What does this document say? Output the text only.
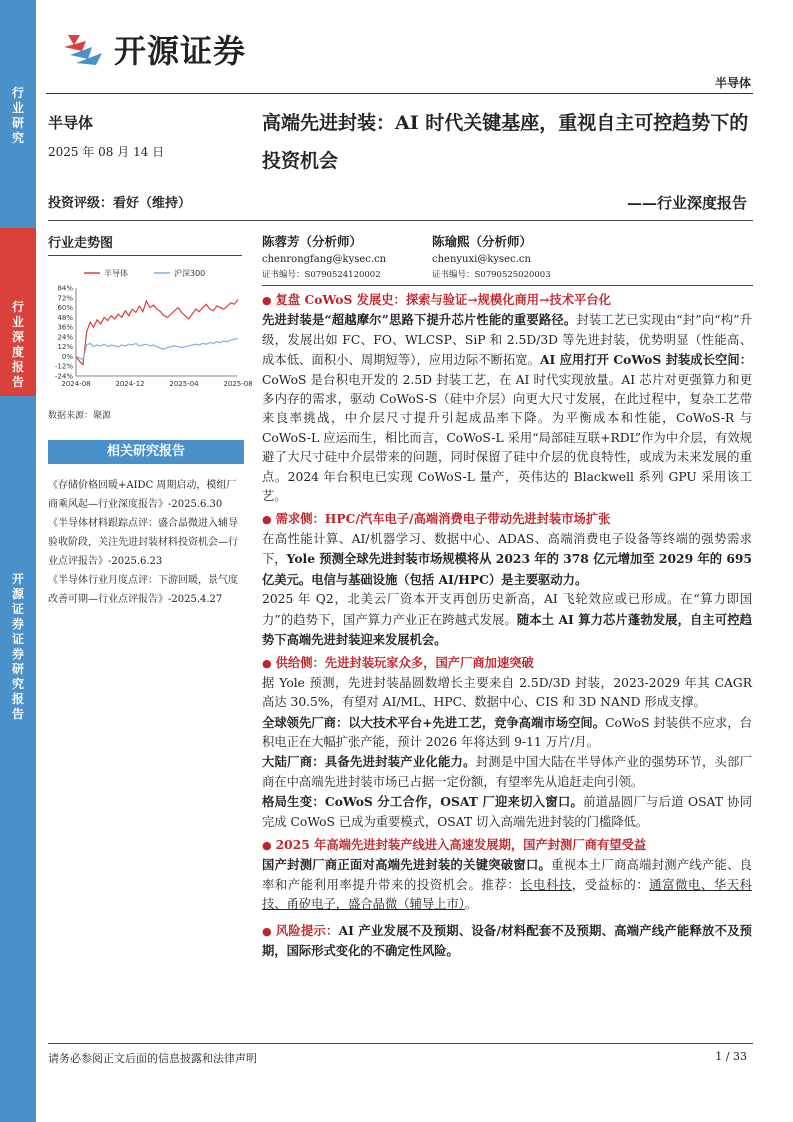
行业研究
行业深度报告
开源证券 证券研究报告
开源证券
半导体
半导体
2025 年 08 月 14 日
投资评级：看好（维持）
高端先进封装：AI 时代关键基座，重视自主可控趋势下的投资机会
——行业深度报告
行业走势图
半导体	沪深300
84%
72%
60%
48%
36%
24%
12%
0%
-12%
-24%
2024-08	2024-12	2025-04	2025-08
数据来源：聚源
相关研究报告
《存储价格回暖+AIDC 周期启动，模组厂商乘风起—行业深度报告》-2025.6.30
《半导体材料跟踪点评：盛合晶微进入辅导验收阶段，关注先进封装材料投资机会—行业点评报告》-2025.6.23
《半导体行业月度点评：下游回暖，景气度改善可期—行业点评报告》-2025.4.27
陈蓉芳（分析师）
chenrongfang@kysec.cn
证书编号：S0790524120002
陈瑜熙（分析师）
chenyuxi@kysec.cn
证书编号：S0790525020003

● 复盘 CoWoS 发展史：探索与验证→规模化商用→技术平台化

先进封装是“超越摩尔”思路下提升芯片性能的重要路径。封装工艺已实现由“封”向“构”升级，发展出如 FC、FO、WLCSP、SiP 和 2.5D/3D 等先进封装，优势明显（性能高、成本低、面积小、周期短等），应用边际不断拓宽。AI 应用打开 CoWoS 封装成长空间：CoWoS 是台积电开发的 2.5D 封装工艺，在 AI 时代实现放量。AI 芯片对更强算力和更多内存的需求，驱动 CoWoS-S（硅中介层）向更大尺寸发展，在此过程中，复杂工艺带来良率挑战，中介层尺寸提升引起成品率下降。为平衡成本和性能，CoWoS-R 与 CoWoS-L 应运而生，相比而言，CoWoS-L 采用“局部硅互联+RDL”作为中介层，有效规避了大尺寸硅中介层带来的问题，同时保留了硅中介层的优良特性，或成为未来发展的重点。2024 年台积电已实现 CoWoS-L 量产，英伟达的 Blackwell 系列 GPU 采用该工艺。

● 需求侧：HPC/汽车电子/高端消费电子带动先进封装市场扩张

在高性能计算、AI/机器学习、数据中心、ADAS、高端消费电子设备等终端的强势需求下，Yole 预测全球先进封装市场规模将从 2023 年的 378 亿元增加至 2029 年的 695 亿美元。电信与基础设施（包括 AI/HPC）是主要驱动力。

2025 年 Q2，北美云厂资本开支再创历史新高，AI 飞轮效应或已形成。在“算力即国力”的趋势下，国产算力产业正在跨越式发展。随本土 AI 算力芯片蓬勃发展，自主可控趋势下高端先进封装迎来发展机会。

● 供给侧：先进封装玩家众多，国产厂商加速突破

据 Yole 预测，先进封装晶圆数增长主要来自 2.5D/3D 封装，2023-2029 年其 CAGR 高达 30.5%，有望对 AI/ML、HPC、数据中心、CIS 和 3D NAND 形成支撑。

全球领先厂商：以大技术平台+先进工艺，竞争高端市场空间。CoWoS 封装供不应求，台积电正在大幅扩张产能，预计 2026 年将达到 9-11 万片/月。

大陆厂商：具备先进封装产业化能力。封测是中国大陆在半导体产业的强势环节，头部厂商在中高端先进封装市场已占据一定份额，有望率先从追赶走向引领。

格局生变：CoWoS 分工合作，OSAT 厂迎来切入窗口。前道晶圆厂与后道 OSAT 协同完成 CoWoS 已成为重要模式，OSAT 切入高端先进封装的门槛降低。

● 2025 年高端先进封装产线进入高速发展期，国产封测厂商有望受益

国产封测厂商正面对高端先进封装的关键突破窗口。重视本土厂商高端封测产线产能、良率和产能利用率提升带来的投资机会。推荐：长电科技，受益标的：通富微电、华天科技、甬矽电子，盛合晶微（辅导上市）。

● 风险提示：AI 产业发展不及预期、设备/材料配套不及预期、高端产线产能释放不及预期，国际形式变化的不确定性风险。

请务必参阅正文后面的信息披露和法律声明	1 / 33
